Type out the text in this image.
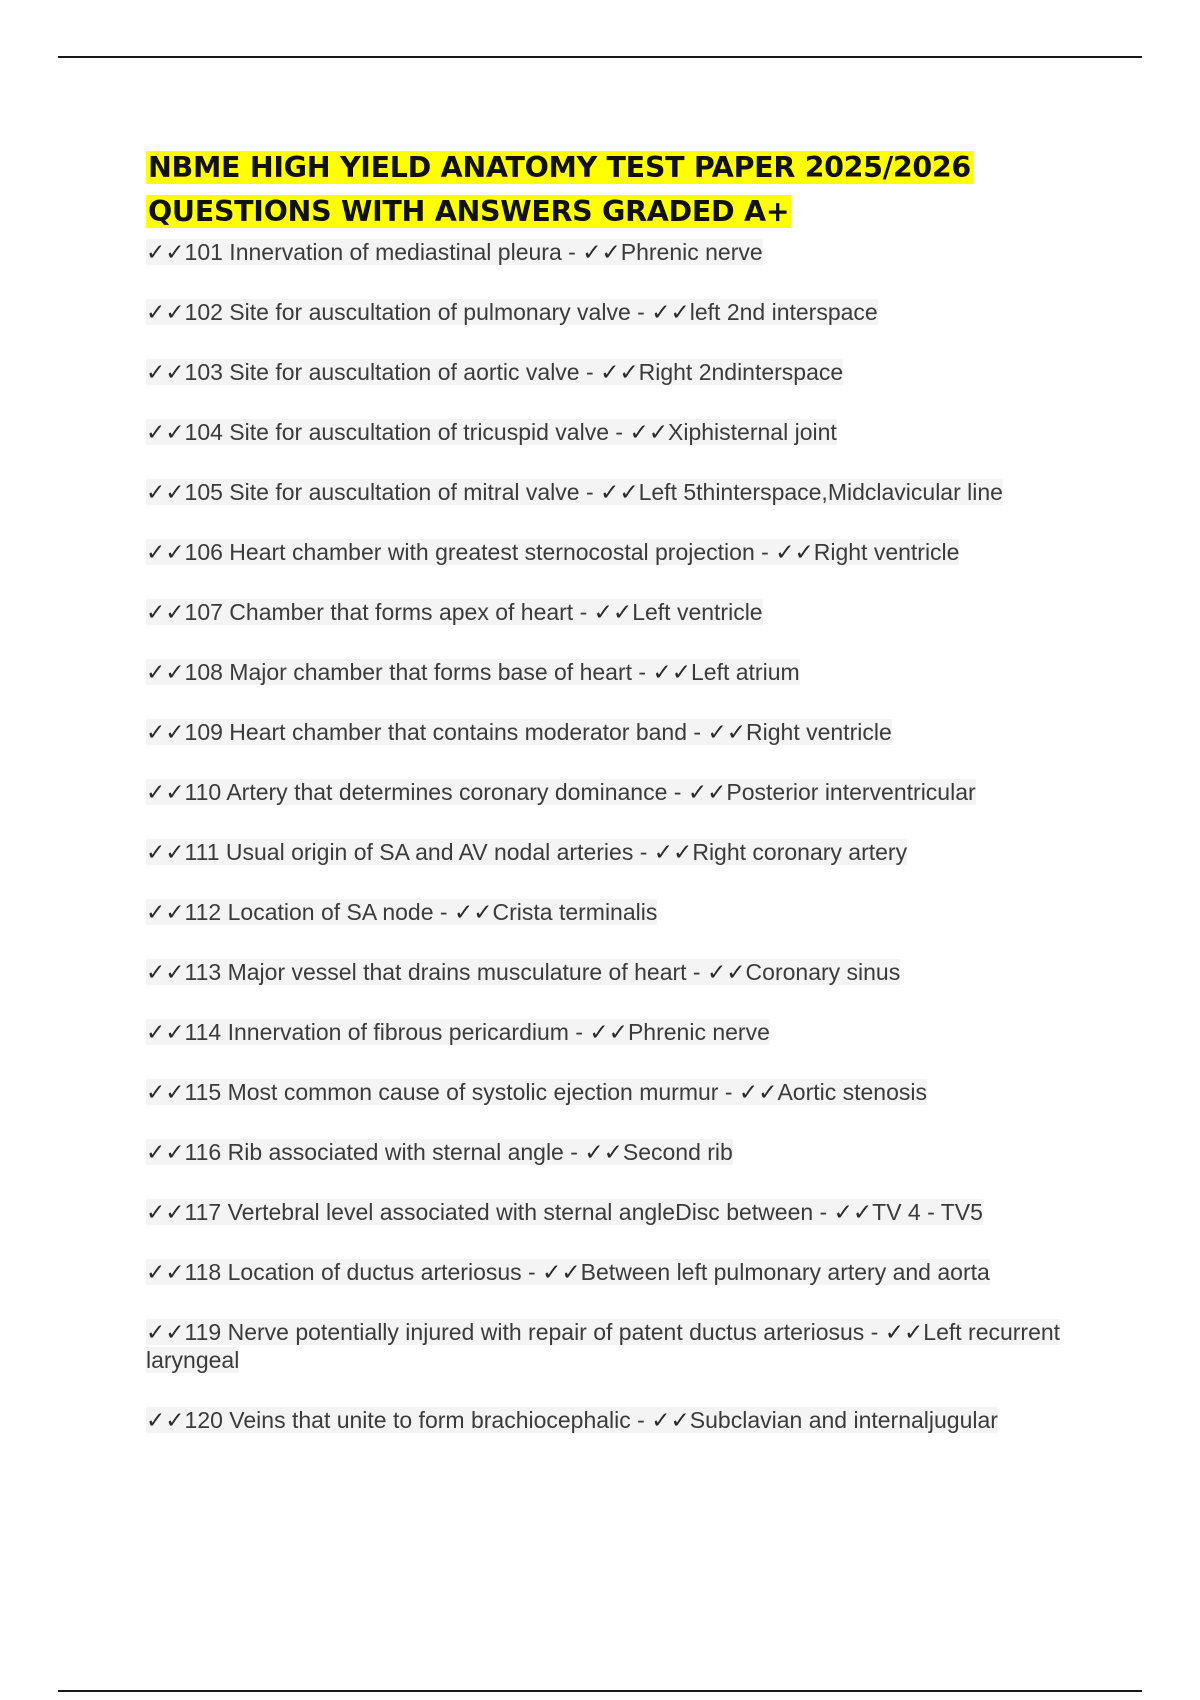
NBME HIGH YIELD ANATOMY TEST PAPER 2025/2026
QUESTIONS WITH ANSWERS GRADED A+
✓✓101 Innervation of mediastinal pleura - ✓✓Phrenic nerve
✓✓102 Site for auscultation of pulmonary valve - ✓✓left 2nd interspace
✓✓103 Site for auscultation of aortic valve - ✓✓Right 2ndinterspace
✓✓104 Site for auscultation of tricuspid valve - ✓✓Xiphisternal joint
✓✓105 Site for auscultation of mitral valve - ✓✓Left 5thinterspace,Midclavicular line
✓✓106 Heart chamber with greatest sternocostal projection - ✓✓Right ventricle
✓✓107 Chamber that forms apex of heart - ✓✓Left ventricle
✓✓108 Major chamber that forms base of heart - ✓✓Left atrium
✓✓109 Heart chamber that contains moderator band - ✓✓Right ventricle
✓✓110 Artery that determines coronary dominance - ✓✓Posterior interventricular
✓✓111 Usual origin of SA and AV nodal arteries - ✓✓Right coronary artery
✓✓112 Location of SA node - ✓✓Crista terminalis
✓✓113 Major vessel that drains musculature of heart - ✓✓Coronary sinus
✓✓114 Innervation of fibrous pericardium - ✓✓Phrenic nerve
✓✓115 Most common cause of systolic ejection murmur - ✓✓Aortic stenosis
✓✓116 Rib associated with sternal angle - ✓✓Second rib
✓✓117 Vertebral level associated with sternal angleDisc between - ✓✓TV 4 - TV5
✓✓118 Location of ductus arteriosus - ✓✓Between left pulmonary artery and aorta
✓✓119 Nerve potentially injured with repair of patent ductus arteriosus - ✓✓Left recurrent laryngeal
✓✓120 Veins that unite to form brachiocephalic - ✓✓Subclavian and internaljugular
